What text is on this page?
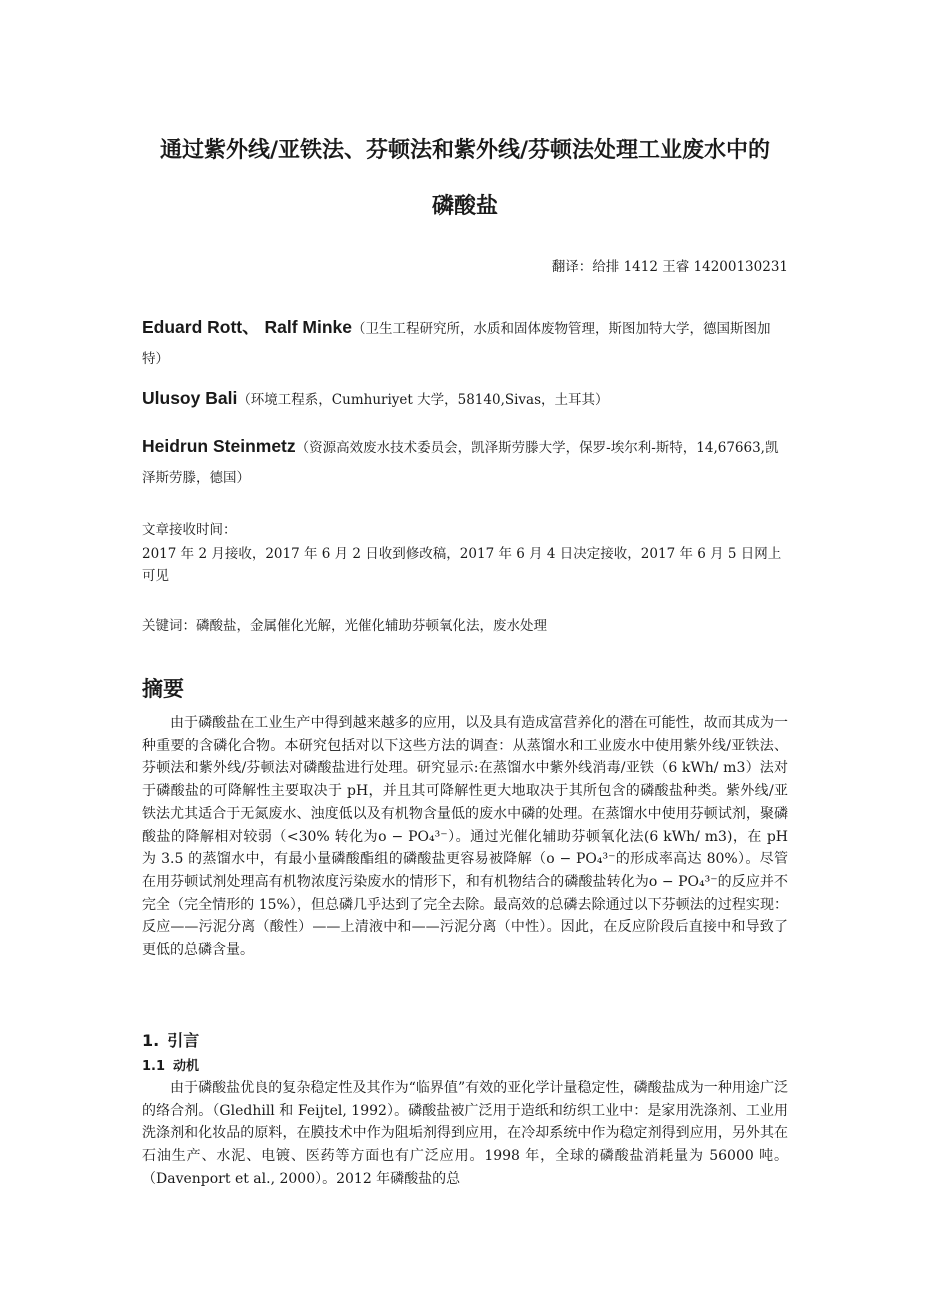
通过紫外线/亚铁法、芬顿法和紫外线/芬顿法处理工业废水中的
磷酸盐
翻译：给排 1412 王睿 14200130231
Eduard Rott、 Ralf Minke（卫生工程研究所，水质和固体废物管理，斯图加特大学，德国斯图加特）
Ulusoy Bali（环境工程系，Cumhuriyet 大学，58140,Sivas，土耳其）
Heidrun Steinmetz（资源高效废水技术委员会，凯泽斯劳滕大学，保罗-埃尔利-斯特，14,67663,凯泽斯劳滕，德国）
文章接收时间：
2017 年 2 月接收，2017 年 6 月 2 日收到修改稿，2017 年 6 月 4 日决定接收，2017 年 6 月 5 日网上可见
关键词：磷酸盐，金属催化光解，光催化辅助芬顿氧化法，废水处理
摘要
由于磷酸盐在工业生产中得到越来越多的应用，以及具有造成富营养化的潜在可能性，故而其成为一种重要的含磷化合物。本研究包括对以下这些方法的调查：从蒸馏水和工业废水中使用紫外线/亚铁法、芬顿法和紫外线/芬顿法对磷酸盐进行处理。研究显示:在蒸馏水中紫外线消毒/亚铁（6 kWh/ m3）法对于磷酸盐的可降解性主要取决于 pH，并且其可降解性更大地取决于其所包含的磷酸盐种类。紫外线/亚铁法尤其适合于无氮废水、浊度低以及有机物含量低的废水中磷的处理。在蒸馏水中使用芬顿试剂，聚磷酸盐的降解相对较弱（<30% 转化为o − PO₄³⁻）。通过光催化辅助芬顿氧化法(6 kWh/ m3)，在 pH 为 3.5 的蒸馏水中，有最小量磷酸酯组的磷酸盐更容易被降解（o − PO₄³⁻的形成率高达 80%）。尽管在用芬顿试剂处理高有机物浓度污染废水的情形下，和有机物结合的磷酸盐转化为o − PO₄³⁻的反应并不完全（完全情形的 15%），但总磷几乎达到了完全去除。最高效的总磷去除通过以下芬顿法的过程实现：反应——污泥分离（酸性）——上清液中和——污泥分离（中性）。因此，在反应阶段后直接中和导致了更低的总磷含量。
1. 引言
1.1 动机
由于磷酸盐优良的复杂稳定性及其作为“临界值”有效的亚化学计量稳定性，磷酸盐成为一种用途广泛的络合剂。（Gledhill 和 Feijtel, 1992）。磷酸盐被广泛用于造纸和纺织工业中：是家用洗涤剂、工业用洗涤剂和化妆品的原料，在膜技术中作为阻垢剂得到应用，在冷却系统中作为稳定剂得到应用，另外其在石油生产、水泥、电镀、医药等方面也有广泛应用。1998 年，全球的磷酸盐消耗量为 56000 吨。（Davenport et al., 2000）。2012 年磷酸盐的总
